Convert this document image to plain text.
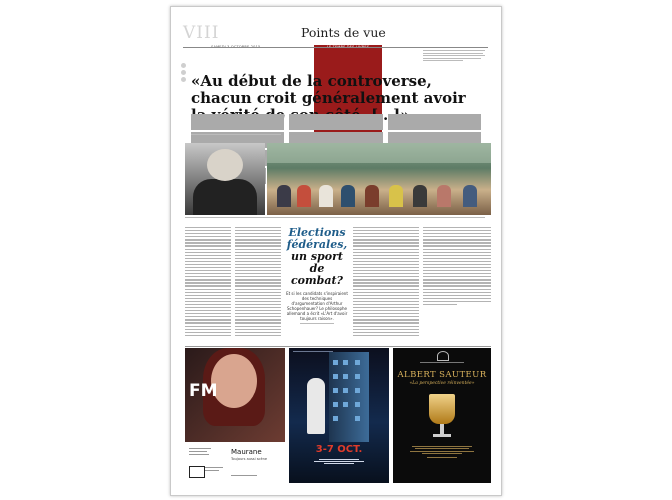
VIII	Points de vue
SAMEDI 3 OCTOBRE 2015	LE TEMPS DES LIVRES
«Au début de la controverse, chacun croit généralement avoir
Elections fédérales,
un sport de combat?
Et si les candidats s'inspiraient des techniques d'argumentation d'Arthur Schopenhauer? Le philosophe allemand a écrit «L'Art d'avoir toujours raison».
FM
Maurane
Toujours aussi scène
3-7 OCT.
ALBERT SAUTEUR
«La perspective réinventée»
